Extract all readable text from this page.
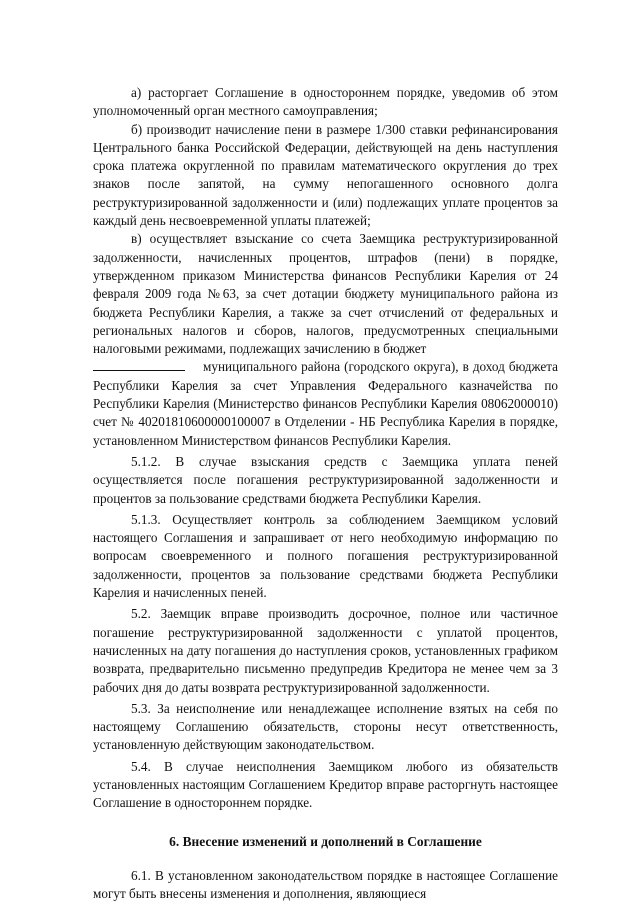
а) расторгает Соглашение в одностороннем порядке, уведомив об этом уполномоченный орган местного самоуправления;

б) производит начисление пени в размере 1/300 ставки рефинансирования Центрального банка Российской Федерации, действующей на день наступления срока платежа округленной по правилам математического округления до трех знаков после запятой, на сумму непогашенного основного долга реструктуризированной задолженности и (или) подлежащих уплате процентов за каждый день несвоевременной уплаты платежей;

в) осуществляет взыскание со счета Заемщика реструктуризированной задолженности, начисленных процентов, штрафов (пени) в порядке, утвержденном приказом Министерства финансов Республики Карелия от 24 февраля 2009 года №63, за счет дотации бюджету муниципального района из бюджета Республики Карелия, а также за счет отчислений от федеральных и региональных налогов и сборов, налогов, предусмотренных специальными налоговыми режимами, подлежащих зачислению в бюджет
муниципального района (городского округа), в доход бюджета Республики Карелия за счет Управления Федерального казначейства по Республики Карелия (Министерство финансов Республики Карелия 08062000010) счет № 40201810600000100007 в Отделении - НБ Республика Карелия в порядке, установленном Министерством финансов Республики Карелия.

5.1.2. В случае взыскания средств с Заемщика уплата пеней осуществляется после погашения реструктуризированной задолженности и процентов за пользование средствами бюджета Республики Карелия.

5.1.3. Осуществляет контроль за соблюдением Заемщиком условий настоящего Соглашения и запрашивает от него необходимую информацию по вопросам своевременного и полного погашения реструктуризированной задолженности, процентов за пользование средствами бюджета Республики Карелия и начисленных пеней.

5.2. Заемщик вправе производить досрочное, полное или частичное погашение реструктуризированной задолженности с уплатой процентов, начисленных на дату погашения до наступления сроков, установленных графиком возврата, предварительно письменно предупредив Кредитора не менее чем за 3 рабочих дня до даты возврата реструктуризированной задолженности.

5.3. За неисполнение или ненадлежащее исполнение взятых на себя по настоящему Соглашению обязательств, стороны несут ответственность, установленную действующим законодательством.

5.4. В случае неисполнения Заемщиком любого из обязательств установленных настоящим Соглашением Кредитор вправе расторгнуть настоящее Соглашение в одностороннем порядке.

6. Внесение изменений и дополнений в Соглашение

6.1. В установленном законодательством порядке в настоящее Соглашение могут быть внесены изменения и дополнения, являющиеся
